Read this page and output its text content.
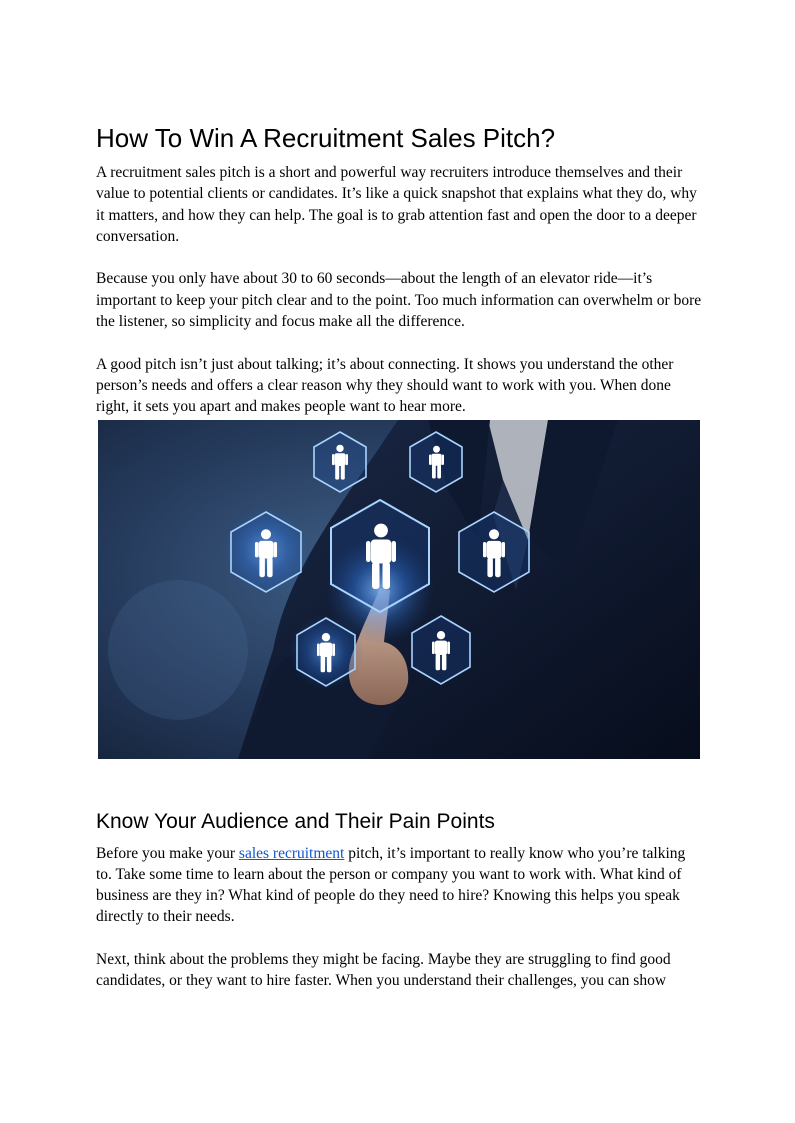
How To Win A Recruitment Sales Pitch?

A recruitment sales pitch is a short and powerful way recruiters introduce themselves and their value to potential clients or candidates. It’s like a quick snapshot that explains what they do, why it matters, and how they can help. The goal is to grab attention fast and open the door to a deeper conversation.

Because you only have about 30 to 60 seconds—about the length of an elevator ride—it’s important to keep your pitch clear and to the point. Too much information can overwhelm or bore the listener, so simplicity and focus make all the difference.

A good pitch isn’t just about talking; it’s about connecting. It shows you understand the other person’s needs and offers a clear reason why they should want to work with you. When done right, it sets you apart and makes people want to hear more.

Know Your Audience and Their Pain Points

Before you make your sales recruitment pitch, it’s important to really know who you’re talking to. Take some time to learn about the person or company you want to work with. What kind of business are they in? What kind of people do they need to hire? Knowing this helps you speak directly to their needs.

Next, think about the problems they might be facing. Maybe they are struggling to find good candidates, or they want to hire faster. When you understand their challenges, you can show
